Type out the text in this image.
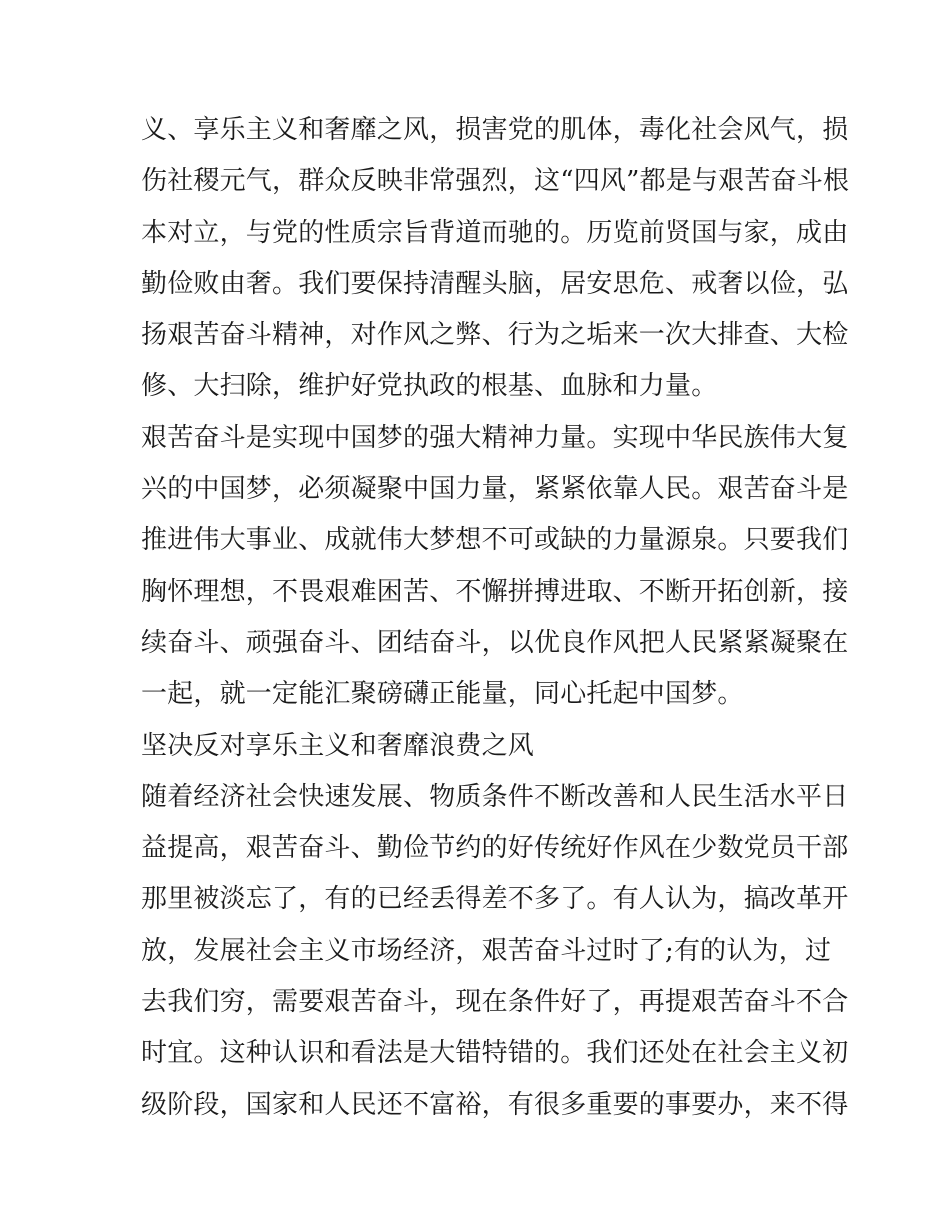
义、享乐主义和奢靡之风，损害党的肌体，毒化社会风气，损
伤社稷元气，群众反映非常强烈，这“四风”都是与艰苦奋斗根
本对立，与党的性质宗旨背道而驰的。历览前贤国与家，成由
勤俭败由奢。我们要保持清醒头脑，居安思危、戒奢以俭，弘
扬艰苦奋斗精神，对作风之弊、行为之垢来一次大排查、大检
修、大扫除，维护好党执政的根基、血脉和力量。
艰苦奋斗是实现中国梦的强大精神力量。实现中华民族伟大复
兴的中国梦，必须凝聚中国力量，紧紧依靠人民。艰苦奋斗是
推进伟大事业、成就伟大梦想不可或缺的力量源泉。只要我们
胸怀理想，不畏艰难困苦、不懈拼搏进取、不断开拓创新，接
续奋斗、顽强奋斗、团结奋斗，以优良作风把人民紧紧凝聚在
一起，就一定能汇聚磅礴正能量，同心托起中国梦。
坚决反对享乐主义和奢靡浪费之风
随着经济社会快速发展、物质条件不断改善和人民生活水平日
益提高，艰苦奋斗、勤俭节约的好传统好作风在少数党员干部
那里被淡忘了，有的已经丢得差不多了。有人认为，搞改革开
放，发展社会主义市场经济，艰苦奋斗过时了;有的认为，过
去我们穷，需要艰苦奋斗，现在条件好了，再提艰苦奋斗不合
时宜。这种认识和看法是大错特错的。我们还处在社会主义初
级阶段，国家和人民还不富裕，有很多重要的事要办，来不得
